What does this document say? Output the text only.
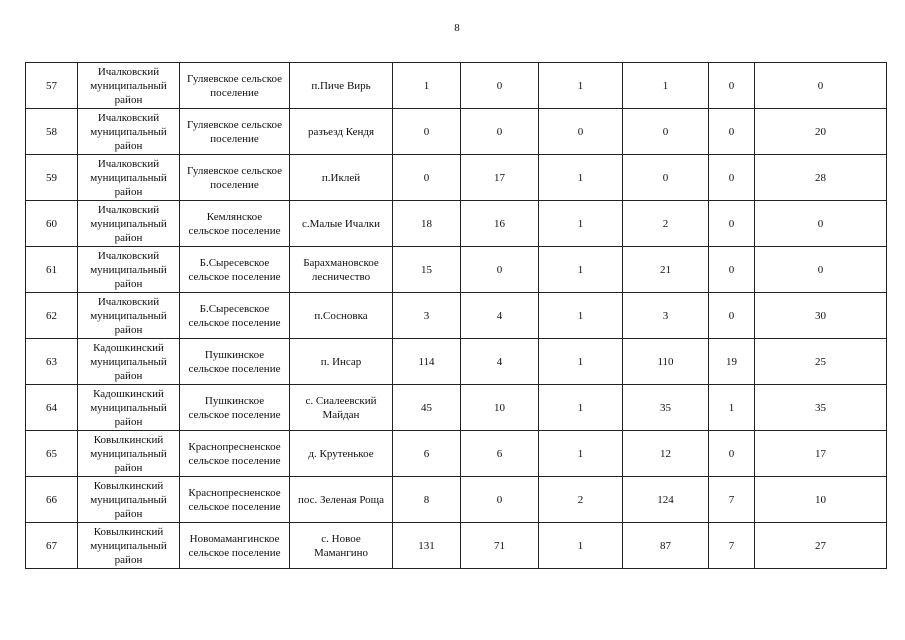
8
57	Ичалковский
муниципальный
район	Гуляевское сельское
поселение	п.Пиче Вирь	1	0	1	1	0	0
58	Ичалковский
муниципальный
район	Гуляевское сельское
поселение	разъезд Кендя	0	0	0	0	0	20
59	Ичалковский
муниципальный
район	Гуляевское сельское
поселение	п.Иклей	0	17	1	0	0	28
60	Ичалковский
муниципальный
район	Кемлянское
сельское поселение	с.Малые Ичалки	18	16	1	2	0	0
61	Ичалковский
муниципальный
район	Б.Сыресевское
сельское поселение	Барахмановское
лесничество	15	0	1	21	0	0
62	Ичалковский
муниципальный
район	Б.Сыресевское
сельское поселение	п.Сосновка	3	4	1	3	0	30
63	Кадошкинский
муниципальный
район	Пушкинское
сельское поселение	п. Инсар	114	4	1	110	19	25
64	Кадошкинский
муниципальный
район	Пушкинское
сельское поселение	с. Сиалеевский
Майдан	45	10	1	35	1	35
65	Ковылкинский
муниципальный
район	Краснопресненское
сельское поселение	д. Крутенькое	6	6	1	12	0	17
66	Ковылкинский
муниципальный
район	Краснопресненское
сельское поселение	пос. Зеленая Роща	8	0	2	124	7	10
67	Ковылкинский
муниципальный
район	Новомамангинское
сельское поселение	с. Новое
Мамангино	131	71	1	87	7	27
